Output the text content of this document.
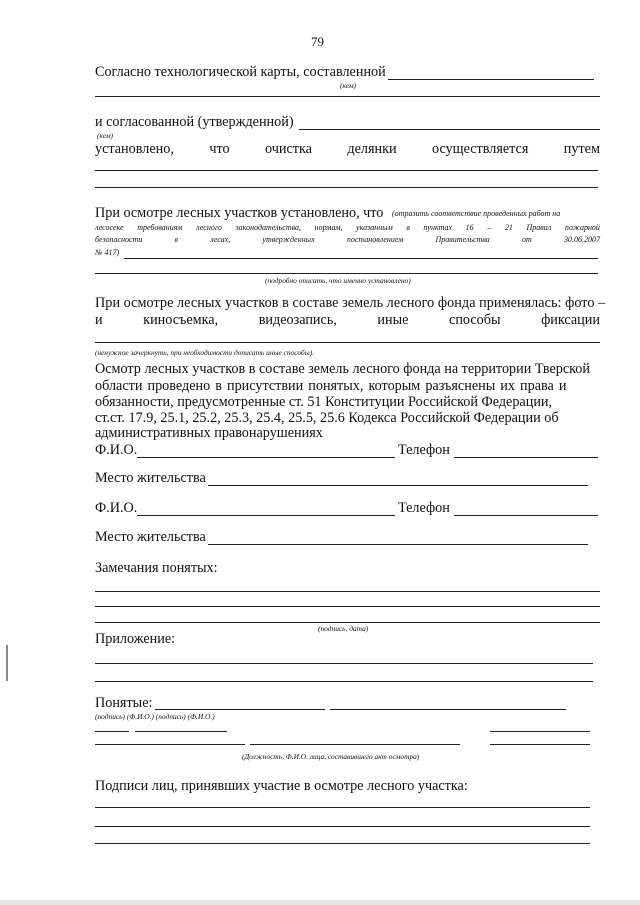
79
Согласно технологической карты, составленной
(кем)
и согласованной (утвержденной)
(кем)
установлено, что очистка делянки осуществляется путем
При осмотре лесных участков установлено, что (отразить соответствие проведенных работ на
лесосеке требованиям лесного законодательства, нормам, указанным в пунктах 16 – 21 Правил пожарной
безопасности	в	лесах,	утвержденных	постановлением	Правительства	от	30.06.2007
№ 417)
(подробно описать, что именно установлено)
При осмотре лесных участков в составе земель лесного фонда применялась: фото –
и	киносъемка,	видеозапись,	иные	способы	фиксации
(ненужное зачеркнуть, при необходимости дописать иные способы).
Осмотр лесных участков в составе земель лесного фонда на территории Тверской
области проведено в присутствии понятых, которым разъяснены их права и
обязанности, предусмотренные ст. 51 Конституции Российской Федерации,
ст.ст. 17.9, 25.1, 25.2, 25.3, 25.4, 25.5, 25.6 Кодекса Российской Федерации об
административных правонарушениях
Ф.И.О.	Телефон
Место жительства
Ф.И.О.	Телефон
Место жительства
Замечания понятых:
(подпись, дата)
Приложение:
Понятые:
(подпись) (Ф.И.О.) (подпись) (Ф.И.О.)
(Должность, Ф.И.О. лица, составившего акт осмотра)
Подписи лиц, принявших участие в осмотре лесного участка:
